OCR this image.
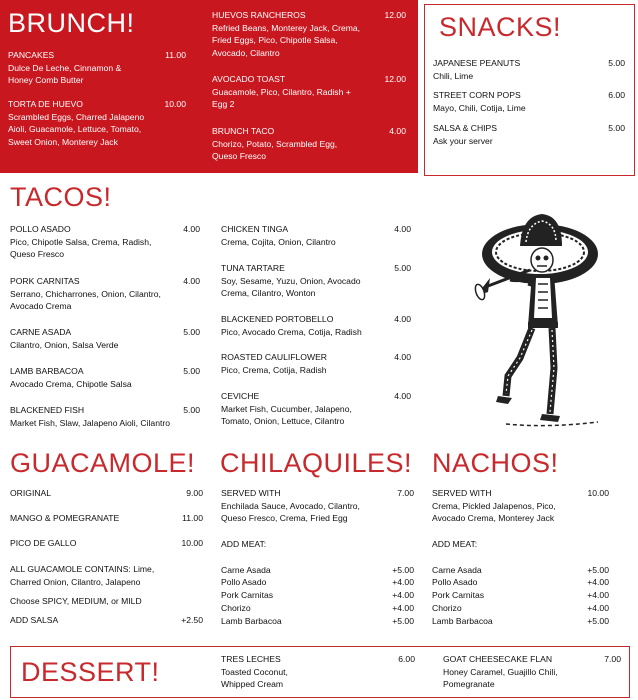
BRUNCH!
PANCAKES	11.00
Dulce De Leche, Cinnamon & Honey Comb Butter
TORTA DE HUEVO	10.00
Scrambled Eggs, Charred Jalapeno Aioli, Guacamole, Lettuce, Tomato, Sweet Onion, Monterey Jack
HUEVOS RANCHEROS	12.00
Refried Beans, Monterey Jack, Crema, Fried Eggs, Pico, Chipotle Salsa, Avocado, Cilantro
AVOCADO TOAST	12.00
Guacamole, Pico, Cilantro, Radish + Egg 2
BRUNCH TACO	4.00
Chorizo, Potato, Scrambled Egg, Queso Fresco
SNACKS!
JAPANESE PEANUTS	5.00
Chili, Lime
STREET CORN POPS	6.00
Mayo, Chili, Cotija, Lime
SALSA & CHIPS	5.00
Ask your server
TACOS!
POLLO ASADO	4.00
Pico, Chipotle Salsa, Crema, Radish, Queso Fresco
PORK CARNITAS	4.00
Serrano, Chicharrones, Onion, Cilantro, Avocado Crema
CARNE ASADA	5.00
Cilantro, Onion, Salsa Verde
LAMB BARBACOA	5.00
Avocado Crema, Chipotle Salsa
BLACKENED FISH	5.00
Market Fish, Slaw, Jalapeno Aioli, Cilantro
CHICKEN TINGA	4.00
Crema, Cojita, Onion, Cilantro
TUNA TARTARE	5.00
Soy, Sesame, Yuzu, Onion, Avocado Crema, Cilantro, Wonton
BLACKENED PORTOBELLO	4.00
Pico, Avocado Crema, Cotija, Radish
ROASTED CAULIFLOWER	4.00
Pico, Crema, Cotija, Radish
CEVICHE	4.00
Market Fish, Cucumber, Jalapeno, Tomato, Onion, Lettuce, Cilantro
GUACAMOLE!
ORIGINAL	9.00
MANGO & POMEGRANATE	11.00
PICO DE GALLO	10.00
ALL GUACAMOLE CONTAINS: Lime, Charred Onion, Cilantro, Jalapeno
Choose SPICY, MEDIUM, or MILD
ADD SALSA	+2.50
CHILAQUILES!
SERVED WITH	7.00
Enchilada Sauce, Avocado, Cilantro, Queso Fresco, Crema, Fried Egg
ADD MEAT:
Carne Asada	+5.00
Pollo Asado	+4.00
Pork Carnitas	+4.00
Chorizo	+4.00
Lamb Barbacoa	+5.00
NACHOS!
SERVED WITH	10.00
Crema, Pickled Jalapenos, Pico, Avocado Crema, Monterey Jack
ADD MEAT:
Carne Asada	+5.00
Pollo Asado	+4.00
Pork Carnitas	+4.00
Chorizo	+4.00
Lamb Barbacoa	+5.00
DESSERT!	TRES LECHES	6.00
Toasted Coconut, Whipped Cream
GOAT CHEESECAKE FLAN	7.00
Honey Caramel, Guajillo Chili, Pomegranate
